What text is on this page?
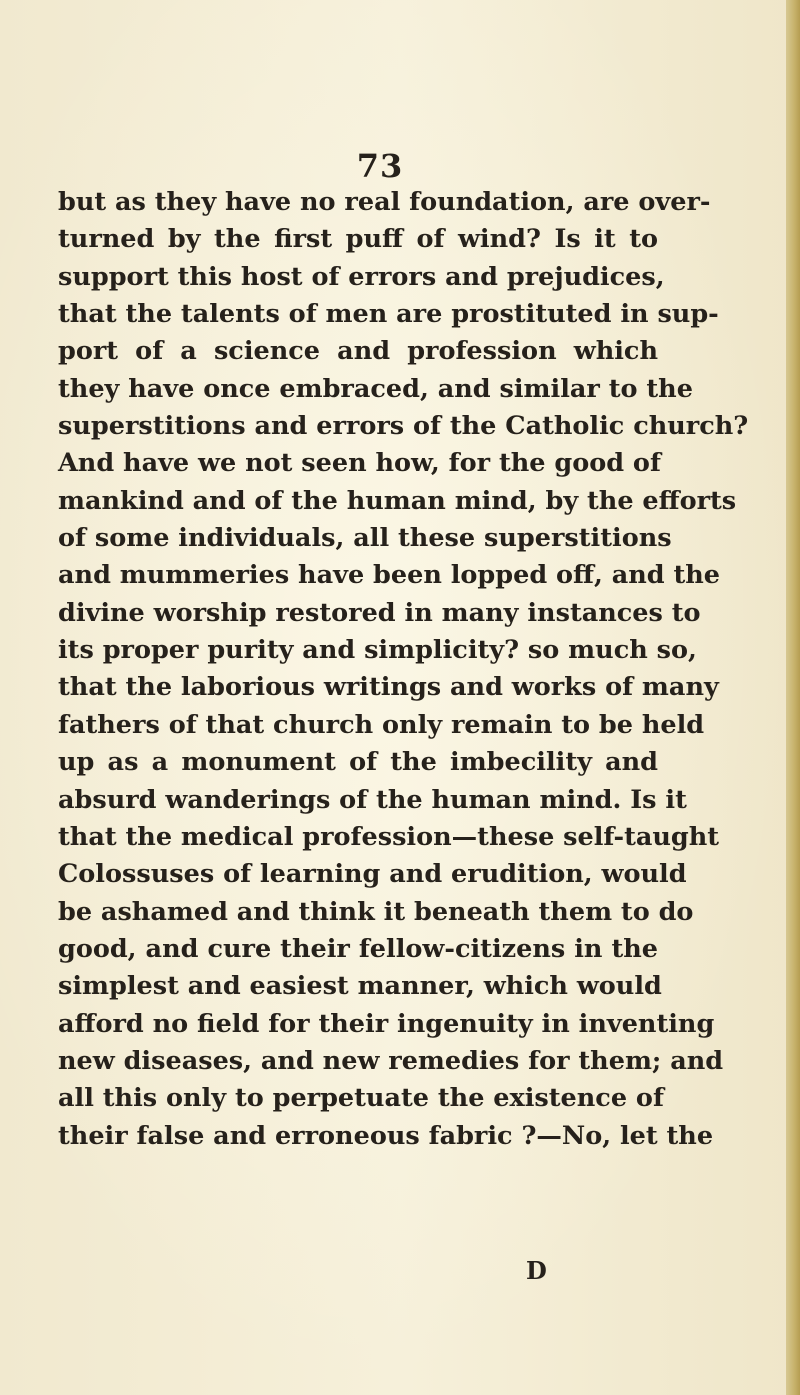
73
but as they have no real foundation, are over-
turned by the first puff of wind? Is it to
support this host of errors and prejudices,
that the talents of men are prostituted in sup-
port of a science and profession which
they have once embraced, and similar to the
superstitions and errors of the Catholic church?
And have we not seen how, for the good of
mankind and of the human mind, by the efforts
of some individuals, all these superstitions
and mummeries have been lopped off, and the
divine worship restored in many instances to
its proper purity and simplicity? so much so,
that the laborious writings and works of many
fathers of that church only remain to be held
up as a monument of the imbecility and
absurd wanderings of the human mind. Is it
that the medical profession—these self-taught
Colossuses of learning and erudition, would
be ashamed and think it beneath them to do
good, and cure their fellow-citizens in the
simplest and easiest manner, which would
afford no field for their ingenuity in inventing
new diseases, and new remedies for them; and
all this only to perpetuate the existence of
their false and erroneous fabric ?—No, let the
D
